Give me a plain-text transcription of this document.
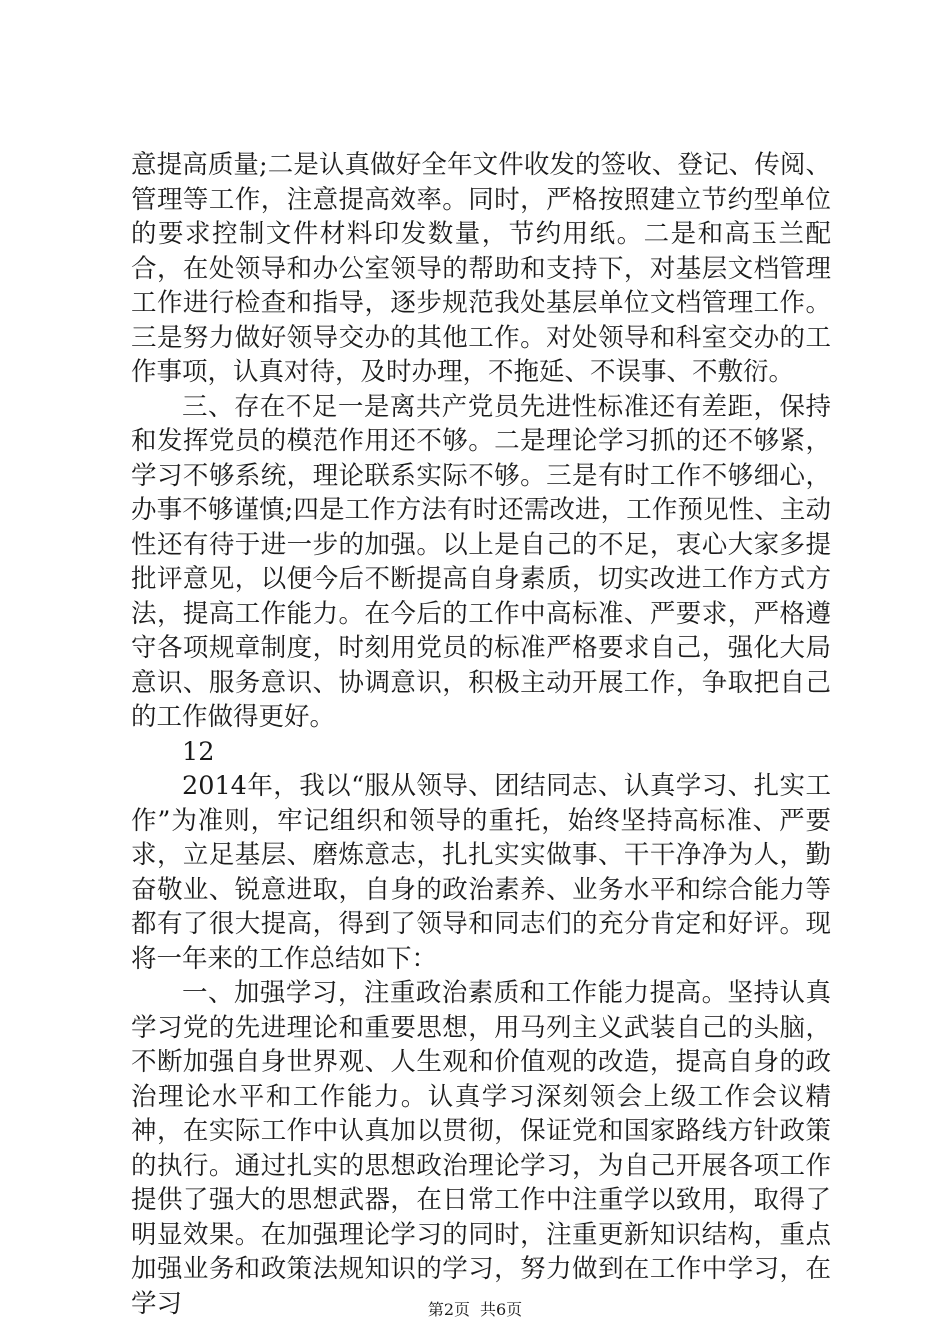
意提高质量;二是认真做好全年文件收发的签收、登记、传阅、管理等工作，注意提高效率。同时，严格按照建立节约型单位的要求控制文件材料印发数量，节约用纸。二是和高玉兰配合，在处领导和办公室领导的帮助和支持下，对基层文档管理工作进行检查和指导，逐步规范我处基层单位文档管理工作。三是努力做好领导交办的其他工作。对处领导和科室交办的工作事项，认真对待，及时办理，不拖延、不误事、不敷衍。

三、存在不足一是离共产党员先进性标准还有差距，保持和发挥党员的模范作用还不够。二是理论学习抓的还不够紧，学习不够系统，理论联系实际不够。三是有时工作不够细心，办事不够谨慎;四是工作方法有时还需改进，工作预见性、主动性还有待于进一步的加强。以上是自己的不足，衷心大家多提批评意见，以便今后不断提高自身素质，切实改进工作方式方法，提高工作能力。在今后的工作中高标准、严要求，严格遵守各项规章制度，时刻用党员的标准严格要求自己，强化大局意识、服务意识、协调意识，积极主动开展工作，争取把自己的工作做得更好。

12

2014年，我以“服从领导、团结同志、认真学习、扎实工作”为准则，牢记组织和领导的重托，始终坚持高标准、严要求，立足基层、磨炼意志，扎扎实实做事、干干净净为人，勤奋敬业、锐意进取，自身的政治素养、业务水平和综合能力等都有了很大提高，得到了领导和同志们的充分肯定和好评。现将一年来的工作总结如下：

一、加强学习，注重政治素质和工作能力提高。坚持认真学习党的先进理论和重要思想，用马列主义武装自己的头脑，不断加强自身世界观、人生观和价值观的改造，提高自身的政治理论水平和工作能力。认真学习深刻领会上级工作会议精神，在实际工作中认真加以贯彻，保证党和国家路线方针政策的执行。通过扎实的思想政治理论学习，为自己开展各项工作提供了强大的思想武器，在日常工作中注重学以致用，取得了明显效果。在加强理论学习的同时，注重更新知识结构，重点加强业务和政策法规知识的学习，努力做到在工作中学习，在学习	第2页 共6页
